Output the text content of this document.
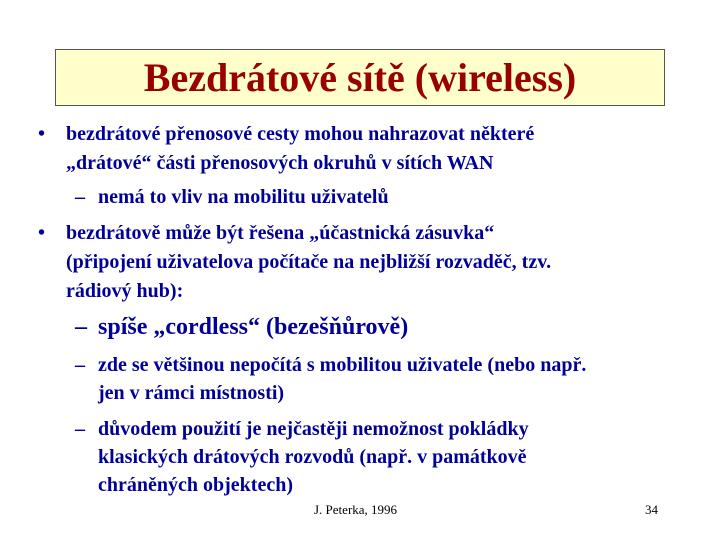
Bezdrátové sítě (wireless)
• bezdrátové přenosové cesty mohou nahrazovat některé
„drátové“ části přenosových okruhů v sítích WAN
– nemá to vliv na mobilitu uživatelů
• bezdrátově může být řešena „účastnická zásuvka“
(připojení uživatelova počítače na nejbližší rozvaděč, tzv.
rádiový hub):
– spíše „cordless“ (bezešňůrově)
– zde se většinou nepočítá s mobilitou uživatele (nebo např.
jen v rámci místnosti)
– důvodem použití je nejčastěji nemožnost pokládky
klasických drátových rozvodů (např. v památkově
chráněných objektech)
J. Peterka, 1996	34
